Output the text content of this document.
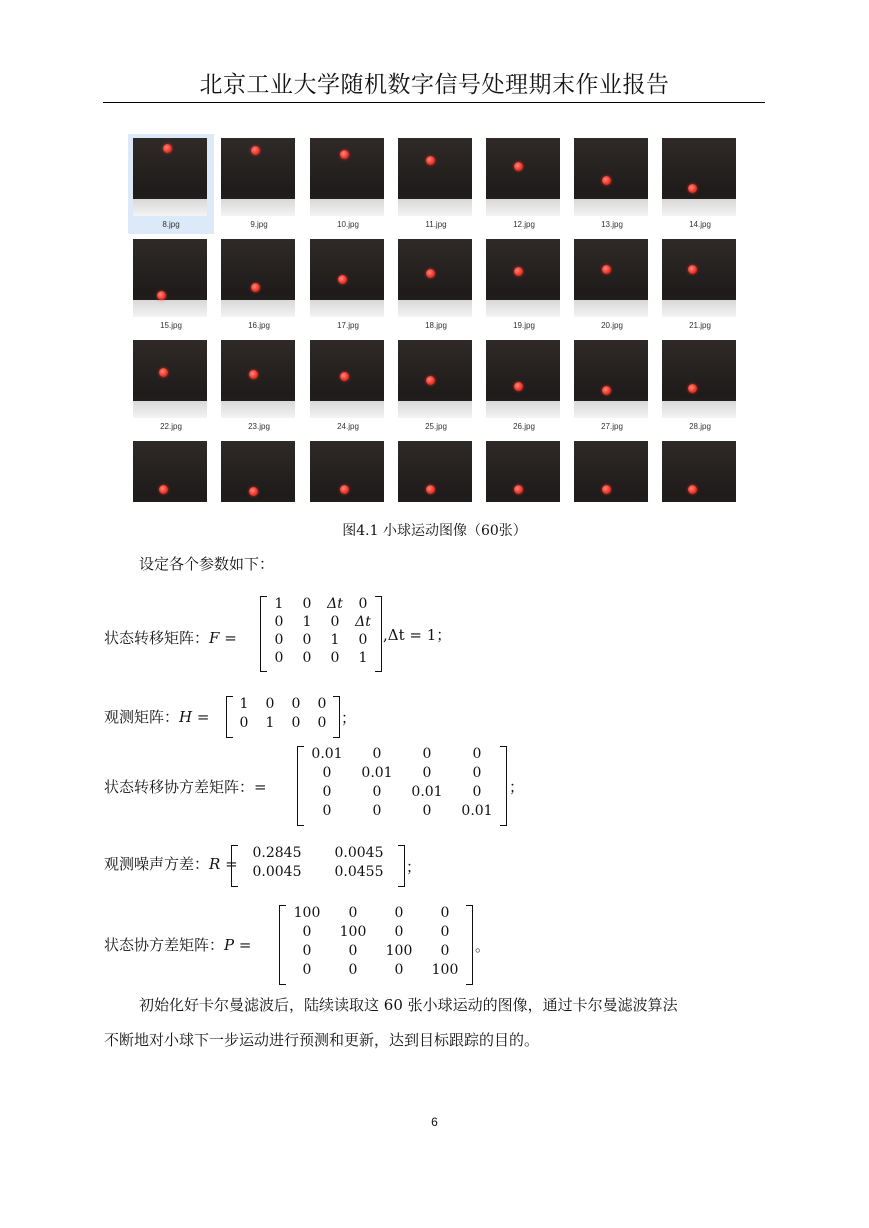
北京工业大学随机数字信号处理期末作业报告
8.jpg	9.jpg	10.jpg	11.jpg	12.jpg	13.jpg	14.jpg
15.jpg	16.jpg	17.jpg	18.jpg	19.jpg	20.jpg	21.jpg
22.jpg	23.jpg	24.jpg	25.jpg	26.jpg	27.jpg	28.jpg
图4.1 小球运动图像（60张）
设定各个参数如下：
状态转移矩阵：F =
1	0	Δt	0
0	1	0	Δt
0	0	1	0
0	0	0	1
,Δt = 1；
观测矩阵：H =
1	0	0	0
0	1	0	0 ；
状态转移协方差矩阵：=
0.01	0	0	0
0	0.01	0	0
0	0	0.01	0
0	0	0	0.01
；
观测噪声方差：R =
0.2845	0.0045
0.0045	0.0455	；
状态协方差矩阵：P =
100	0	0	0
0	100	0	0
0	0	100	0
0	0	0	100
。
初始化好卡尔曼滤波后，陆续读取这 60 张小球运动的图像，通过卡尔曼滤波算法
不断地对小球下一步运动进行预测和更新，达到目标跟踪的目的。
6
